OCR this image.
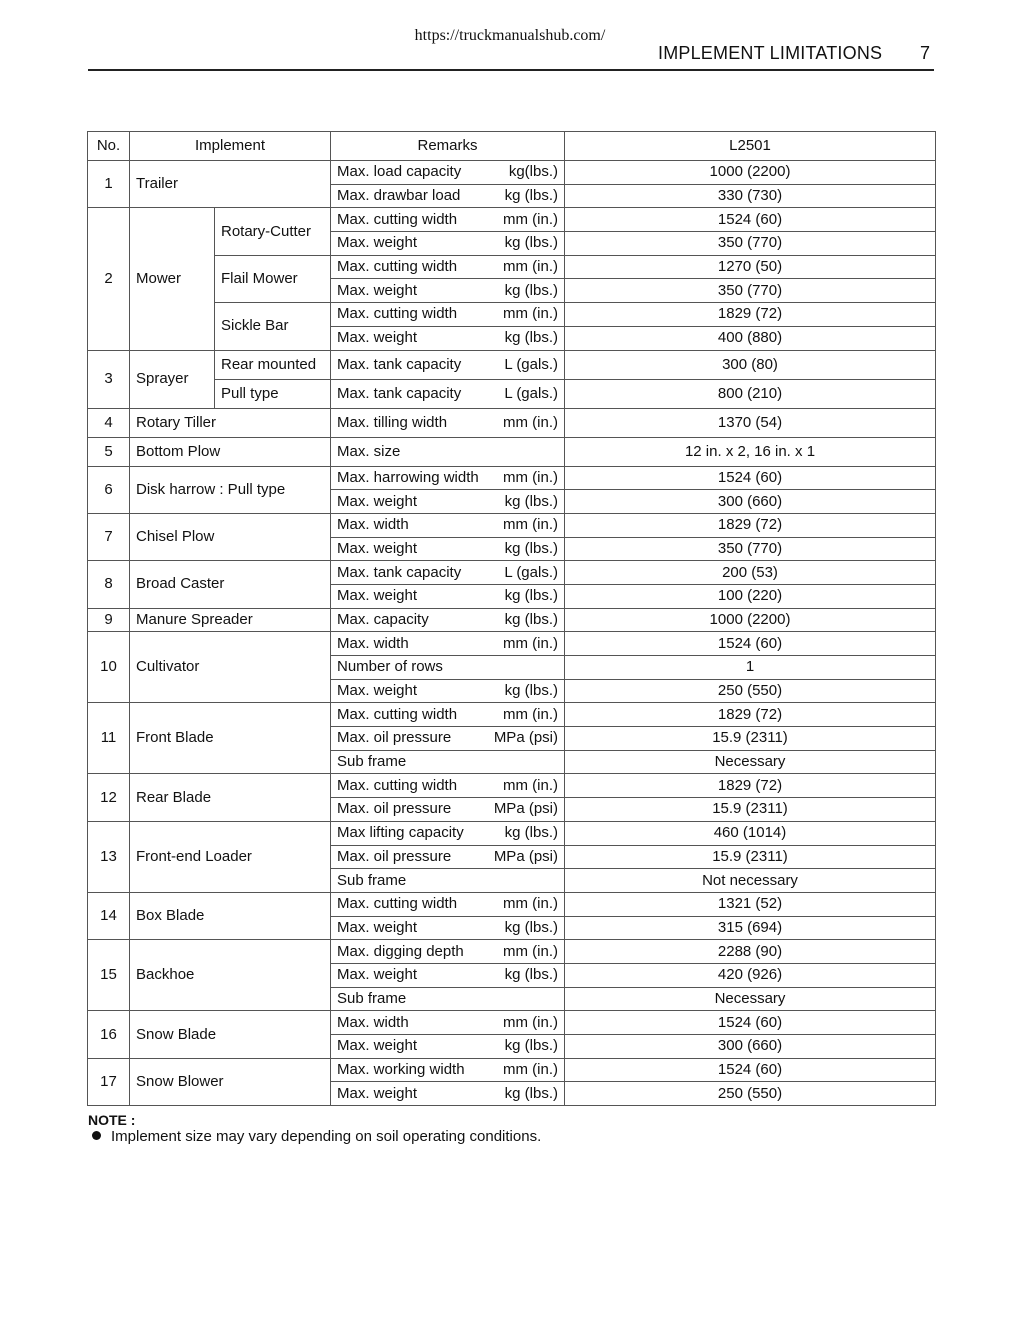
https://truckmanualshub.com/
IMPLEMENT LIMITATIONS 7
No.	Implement		Remarks	L2501
1	Trailer		Max. load capacity kg(lbs.)	1000 (2200)

			Max. drawbar load kg (lbs.)	330 (730)
2	Mower	Rotary-Cutter	Max. cutting width mm (in.)	1524 (60)

			Max. weight kg (lbs.)	350 (770)
		Flail Mower	Max. cutting width mm (in.)	1270 (50)

			Max. weight kg (lbs.)	350 (770)
		Sickle Bar	Max. cutting width mm (in.)	1829 (72)

			Max. weight kg (lbs.)	400 (880)
3	Sprayer	Rear mounted	Max. tank capacity L (gals.)	300 (80)
		Pull type	Max. tank capacity L (gals.)	800 (210)
4	Rotary Tiller		Max. tilling width mm (in.)	1370 (54)
5	Bottom Plow		Max. size	12 in. x 2, 16 in. x 1
6	Disk harrow : Pull type		Max. harrowing width mm (in.)	1524 (60)

			Max. weight kg (lbs.)	300 (660)
7	Chisel Plow		Max. width mm (in.)	1829 (72)

			Max. weight kg (lbs.)	350 (770)
8	Broad Caster		Max. tank capacity L (gals.)	200 (53)

			Max. weight kg (lbs.)	100 (220)
9	Manure Spreader		Max. capacity kg (lbs.)	1000 (2200)
10	Cultivator		Max. width mm (in.)	1524 (60)

			Number of rows	1

			Max. weight kg (lbs.)	250 (550)
11	Front Blade		Max. cutting width mm (in.)	1829 (72)

			Max. oil pressure MPa (psi)	15.9 (2311)

			Sub frame	Necessary
12	Rear Blade		Max. cutting width mm (in.)	1829 (72)

			Max. oil pressure MPa (psi)	15.9 (2311)
13	Front-end Loader		Max lifting capacity kg (lbs.)	460 (1014)

			Max. oil pressure MPa (psi)	15.9 (2311)

			Sub frame	Not necessary
14	Box Blade		Max. cutting width mm (in.)	1321 (52)

			Max. weight kg (lbs.)	315 (694)
15	Backhoe		Max. digging depth mm (in.)	2288 (90)

			Max. weight kg (lbs.)	420 (926)

			Sub frame	Necessary
16	Snow Blade		Max. width mm (in.)	1524 (60)

			Max. weight kg (lbs.)	300 (660)
17	Snow Blower		Max. working width mm (in.)	1524 (60)

			Max. weight kg (lbs.)	250 (550)
NOTE :
Implement size may vary depending on soil operating conditions.
